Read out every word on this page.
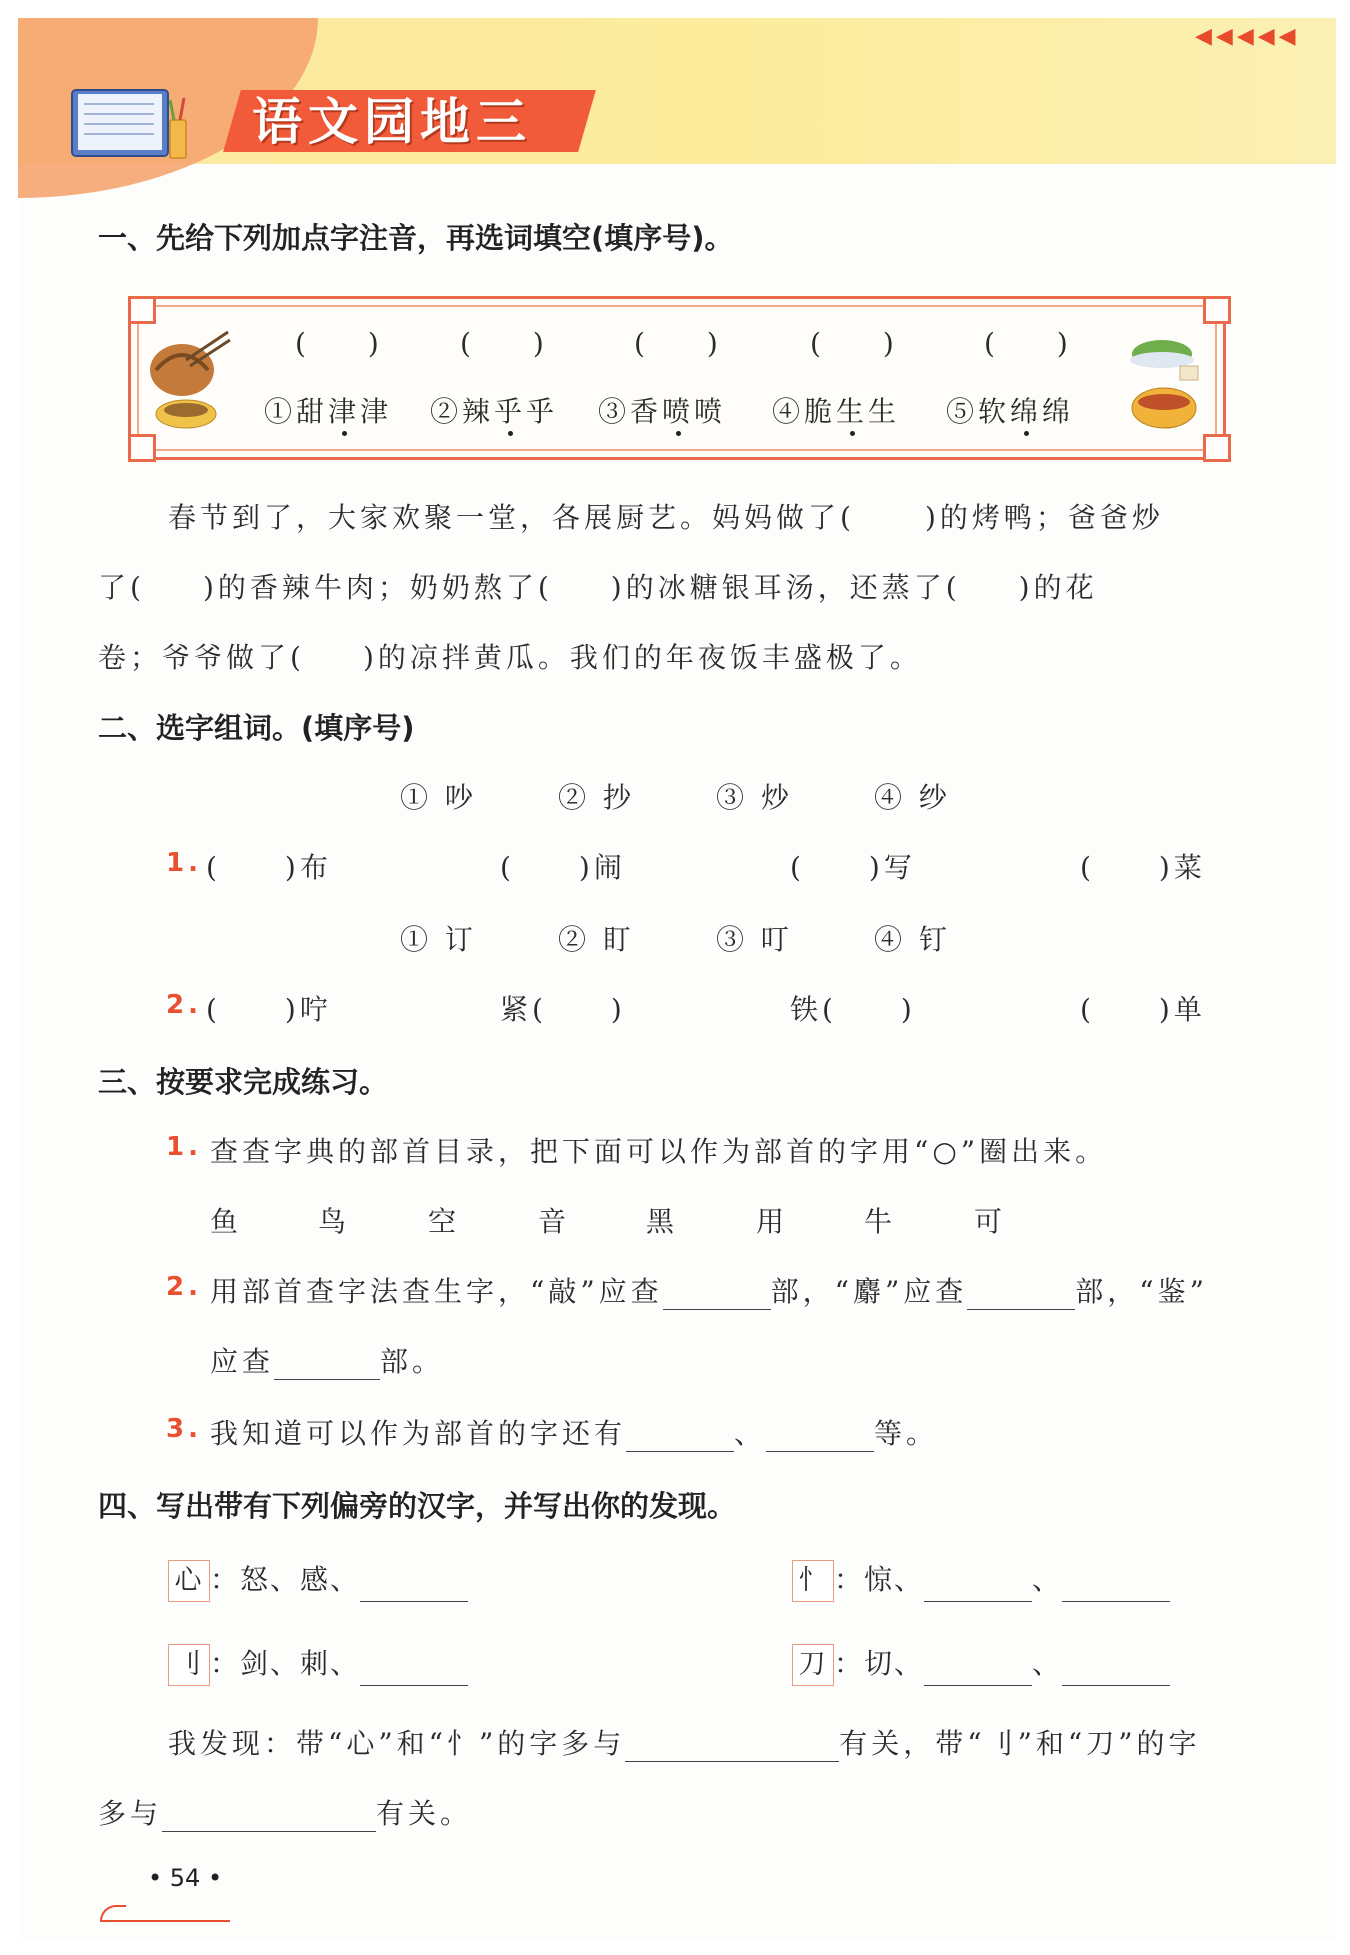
语文园地三
◀◀◀◀◀
一、先给下列加点字注音，再选词填空(填序号)。
(　　)	(　　)	(　　)	(　　)	(　　)
①甜津津 ②辣乎乎 ③香喷喷 ④脆生生 ⑤软绵绵
春节到了，大家欢聚一堂，各展厨艺。妈妈做了(	)的烤鸭；爸爸炒
了( )的香辣牛肉；奶奶熬了( )的冰糖银耳汤，还蒸了( )的花
卷；爷爷做了( )的凉拌黄瓜。我们的年夜饭丰盛极了。
二、选字组词。(填序号)
① 吵	② 抄	③ 炒	④ 纱
1. (　　)布	(　　)闹	(　　)写	(　　)菜
① 订	② 盯	③ 叮	④ 钉
2. (　　)咛	紧(　　)	铁(　　)	(　　)单
三、按要求完成练习。
1. 查查字典的部首目录，把下面可以作为部首的字用“○”圈出来。
鱼	鸟	空	音	黑	用	牛	可
2. 用部首查字法查生字，“敲”应查	部，“麝”应查	部，“鉴”
应查	部。
3. 我知道可以作为部首的字还有	、	等。
四、写出带有下列偏旁的汉字，并写出你的发现。
心 ：怒、感、	忄 ：惊、	、
刂 ：剑、刺、	刀 ：切、	、
我发现：带“心”和“忄”的字多与	有关，带“刂”和“刀”的字
多与	有关。
• 54 •
